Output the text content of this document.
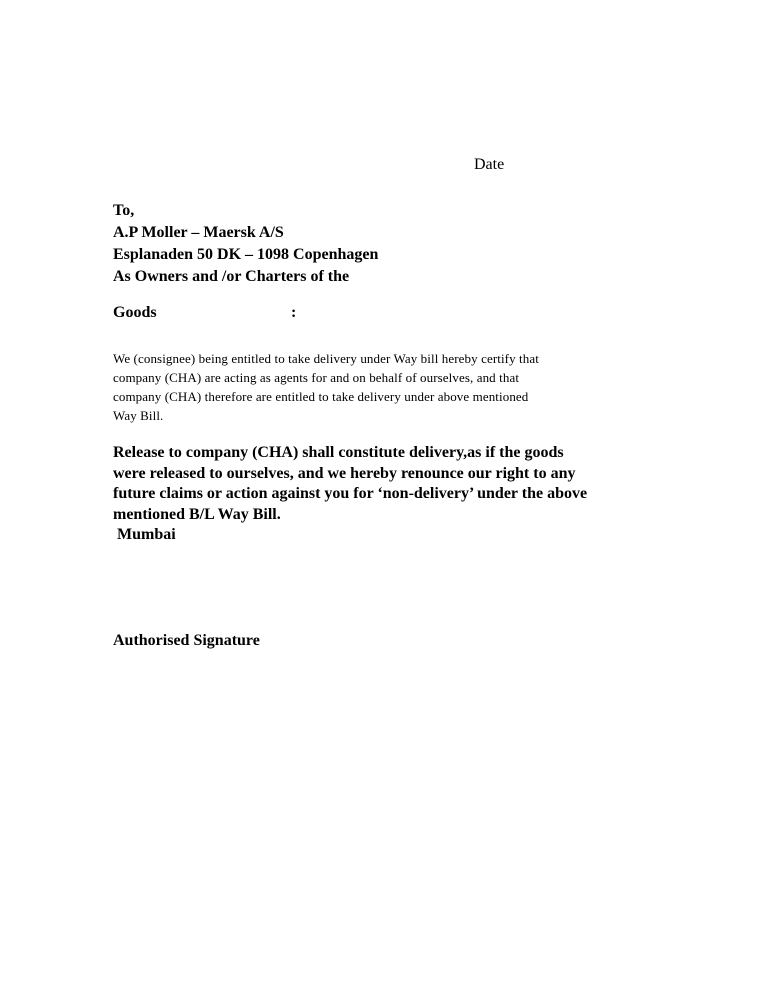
Date
To,
A.P Moller – Maersk A/S
Esplanaden 50 DK – 1098 Copenhagen
As Owners and /or Charters of the
Goods	:
We (consignee) being entitled to take delivery under Way bill hereby certify that
company (CHA) are acting as agents for and on behalf of ourselves, and that
company (CHA) therefore are entitled to take delivery under above mentioned
Way Bill.
Release to company (CHA) shall constitute delivery,as if the goods
were released to ourselves, and we hereby renounce our right to any
future claims or action against you for ‘non-delivery’ under the above
mentioned B/L Way Bill.
Mumbai
Authorised Signature
